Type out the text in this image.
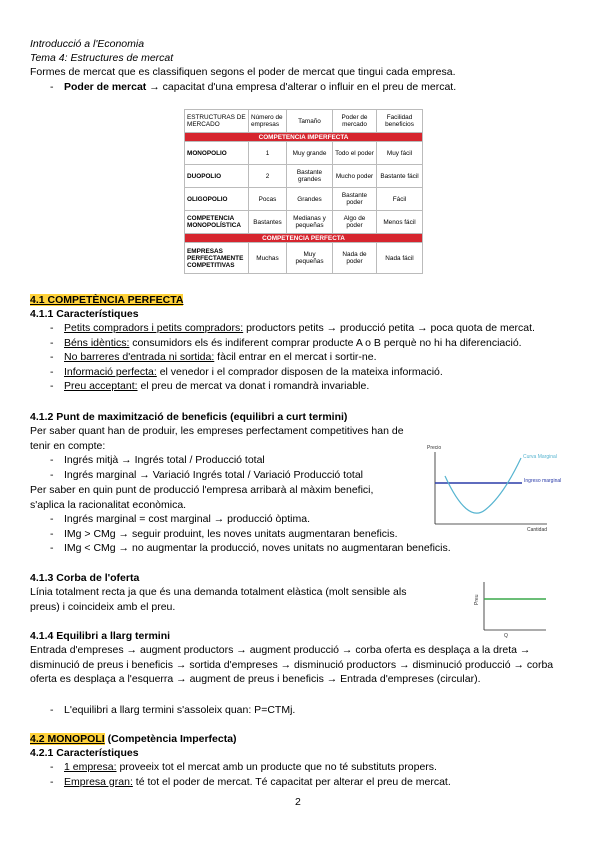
Introducció a l'Economia
Tema 4: Estructures de mercat
Formes de mercat que es classifiquen segons el poder de mercat que tingui cada empresa.
- Poder de mercat → capacitat d'una empresa d'alterar o influir en el preu de mercat.
ESTRUCTURAS DE MERCADO	Número de empresas	Tamaño	Poder de mercado	Facilidad beneficios
COMPETENCIA IMPERFECTA				
MONOPOLIO	1	Muy grande	Todo el poder	Muy fácil
DUOPOLIO	2	Bastante grandes	Mucho poder	Bastante fácil
OLIGOPOLIO	Pocas	Grandes	Bastante poder	Fácil
COMPETENCIA MONOPOLÍSTICA	Bastantes	Medianas y pequeñas	Algo de poder	Menos fácil
COMPETENCIA PERFECTA				
EMPRESAS PERFECTAMENTE COMPETITIVAS	Muchas	Muy pequeñas	Nada de poder	Nada fácil
4.1 COMPETÈNCIA PERFECTA
4.1.1 Característiques
- Petits compradors i petits compradors: productors petits → producció petita → poca quota de mercat.
- Béns idèntics: consumidors els és indiferent comprar producte A o B perquè no hi ha diferenciació.
- No barreres d'entrada ni sortida: fàcil entrar en el mercat i sortir-ne.
- Informació perfecta: el venedor i el comprador disposen de la mateixa informació.
- Preu acceptant: el preu de mercat va donat i romandrà invariable.
4.1.2 Punt de maximització de beneficis (equilibri a curt termini)
Per saber quant han de produir, les empreses perfectament competitives han de tenir en compte:
- Ingrés mitjà → Ingrés total / Producció total
- Ingrés marginal → Variació Ingrés total / Variació Producció total
Per saber en quin punt de producció l'empresa arribarà al màxim benefici, s'aplica la racionalitat econòmica.
- Ingrés marginal = cost marginal → producció òptima.
- IMg > CMg → seguir produint, les noves unitats augmentaran beneficis.
- IMg < CMg → no augmentar la producció, noves unitats no augmentaran beneficis.
Precio
Curva Marginal
Ingreso marginal
Cantidad
4.1.3 Corba de l'oferta
Línia totalment recta ja que és una demanda totalment elàstica (molt sensible als preus) i coincideix amb el preu.
Preu
Q
4.1.4 Equilibri a llarg termini
Entrada d'empreses → augment productors → augment producció → corba oferta es desplaça a la dreta → disminució de preus i beneficis → sortida d'empreses → disminució productors → disminució producció → corba oferta es desplaça a l'esquerra → augment de preus i beneficis → Entrada d'empreses (circular).
- L'equilibri a llarg termini s'assoleix quan: P=CTMj.
4.2 MONOPOLI (Competència Imperfecta)
4.2.1 Característiques
- 1 empresa: proveeix tot el mercat amb un producte que no té substituts propers.
- Empresa gran: té tot el poder de mercat. Té capacitat per alterar el preu de mercat.
2
